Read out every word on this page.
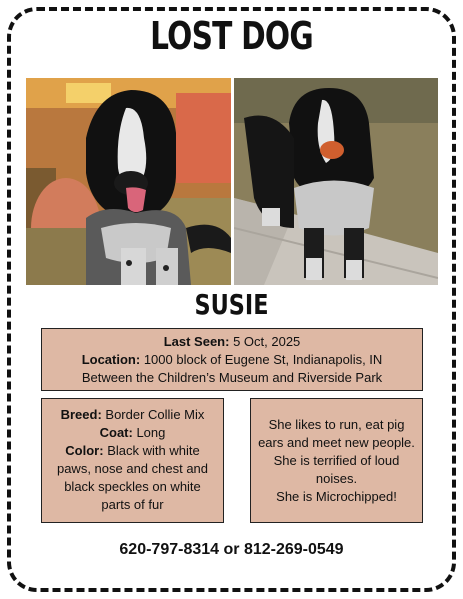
LOST DOG
SUSIE
Last Seen: 5 Oct, 2025
Location: 1000 block of Eugene St, Indianapolis, IN
Between the Children’s Museum and Riverside Park
Breed: Border Collie Mix
Coat: Long
Color: Black with white paws, nose and chest and black speckles on white parts of fur
She likes to run, eat pig ears and meet new people. She is terrified of loud noises.
She is Microchipped!
620-797-8314 or 812-269-0549
